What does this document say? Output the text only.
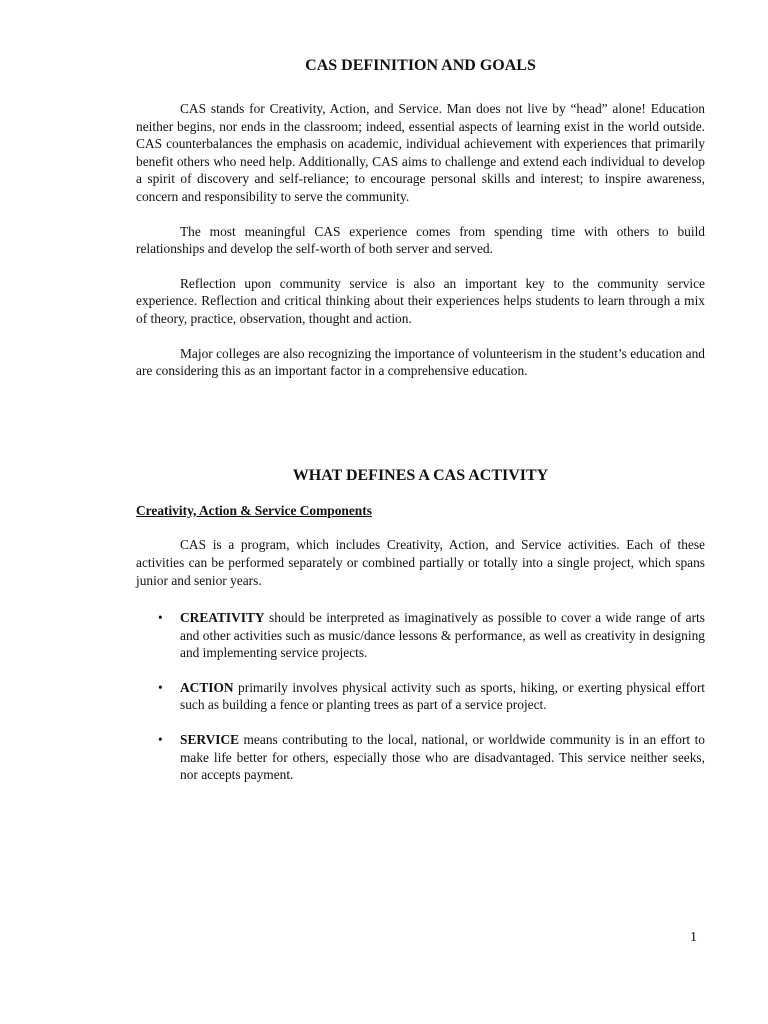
CAS DEFINITION AND GOALS

CAS stands for Creativity, Action, and Service. Man does not live by “head” alone! Education neither begins, nor ends in the classroom; indeed, essential aspects of learning exist in the world outside. CAS counterbalances the emphasis on academic, individual achievement with experiences that primarily benefit others who need help. Additionally, CAS aims to challenge and extend each individual to develop a spirit of discovery and self-reliance; to encourage personal skills and interest; to inspire awareness, concern and responsibility to serve the community.

The most meaningful CAS experience comes from spending time with others to build relationships and develop the self-worth of both server and served.

Reflection upon community service is also an important key to the community service experience. Reflection and critical thinking about their experiences helps students to learn through a mix of theory, practice, observation, thought and action.

Major colleges are also recognizing the importance of volunteerism in the student’s education and are considering this as an important factor in a comprehensive education.

WHAT DEFINES A CAS ACTIVITY

Creativity, Action & Service Components

CAS is a program, which includes Creativity, Action, and Service activities. Each of these activities can be performed separately or combined partially or totally into a single project, which spans junior and senior years.

• CREATIVITY should be interpreted as imaginatively as possible to cover a wide range of arts and other activities such as music/dance lessons & performance, as well as creativity in designing and implementing service projects.
• ACTION primarily involves physical activity such as sports, hiking, or exerting physical effort such as building a fence or planting trees as part of a service project.
• SERVICE means contributing to the local, national, or worldwide community is in an effort to make life better for others, especially those who are disadvantaged. This service neither seeks, nor accepts payment.
1
